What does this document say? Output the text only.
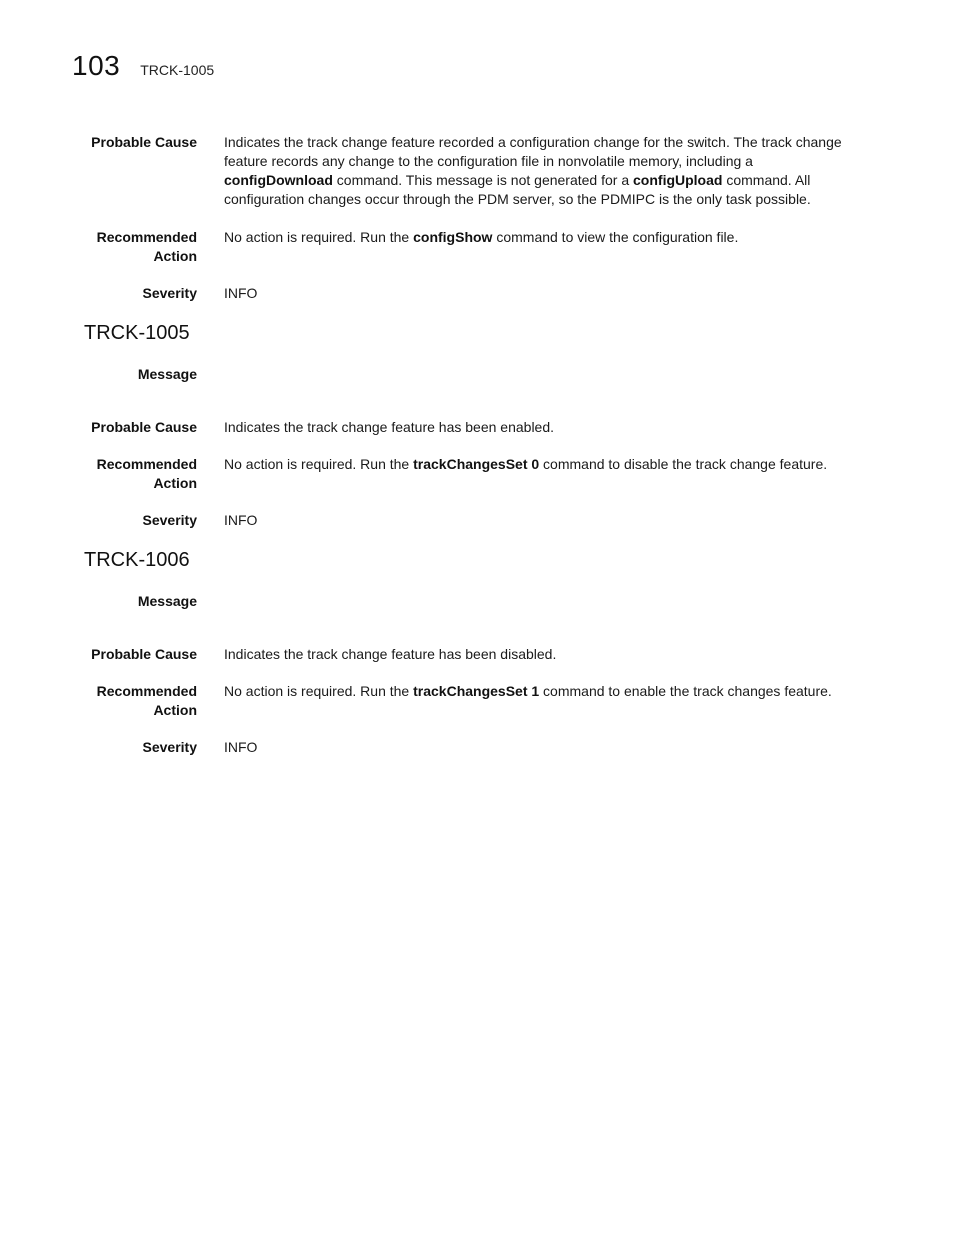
103 TRCK-1005
Probable Cause Indicates the track change feature recorded a configuration change for the switch. The track change feature records any change to the configuration file in nonvolatile memory, including a configDownload command. This message is not generated for a configUpload command. All configuration changes occur through the PDM server, so the PDMIPC is the only task possible.
Recommended
Action
No action is required. Run the configShow command to view the configuration file.
Severity INFO
TRCK-1005
Message
Probable Cause Indicates the track change feature has been enabled.
Recommended
Action
No action is required. Run the trackChangesSet 0 command to disable the track change feature.
Severity INFO
TRCK-1006
Message
Probable Cause Indicates the track change feature has been disabled.
Recommended
Action
No action is required. Run the trackChangesSet 1 command to enable the track changes feature.
Severity INFO
